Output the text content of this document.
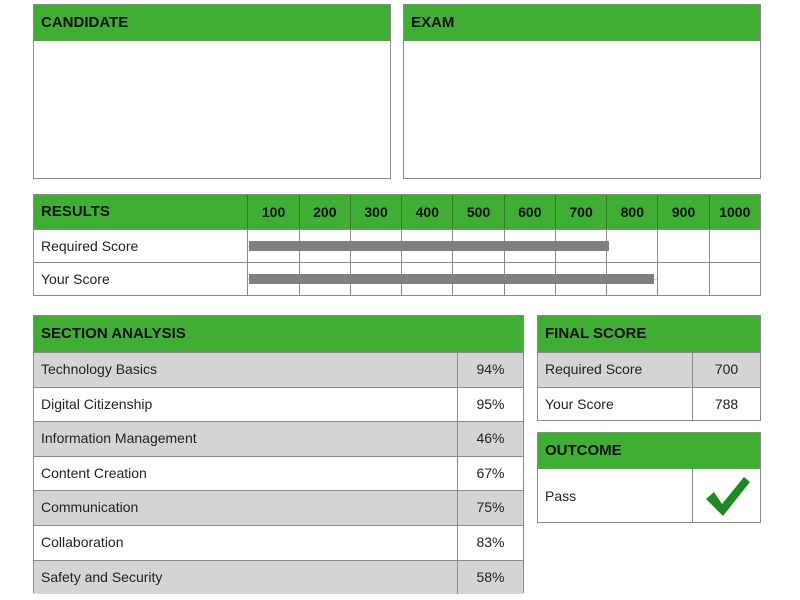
CANDIDATE	EXAM
RESULTS	100	200	300	400	500	600	700	800	900	1000
Required Score
Your Score
SECTION ANALYSIS
Technology Basics	94%
Digital Citizenship	95%
Information Management	46%
Content Creation	67%
Communication	75%
Collaboration	83%
Safety and Security	58%
FINAL SCORE
Required Score	700
Your Score	788
OUTCOME
Pass
